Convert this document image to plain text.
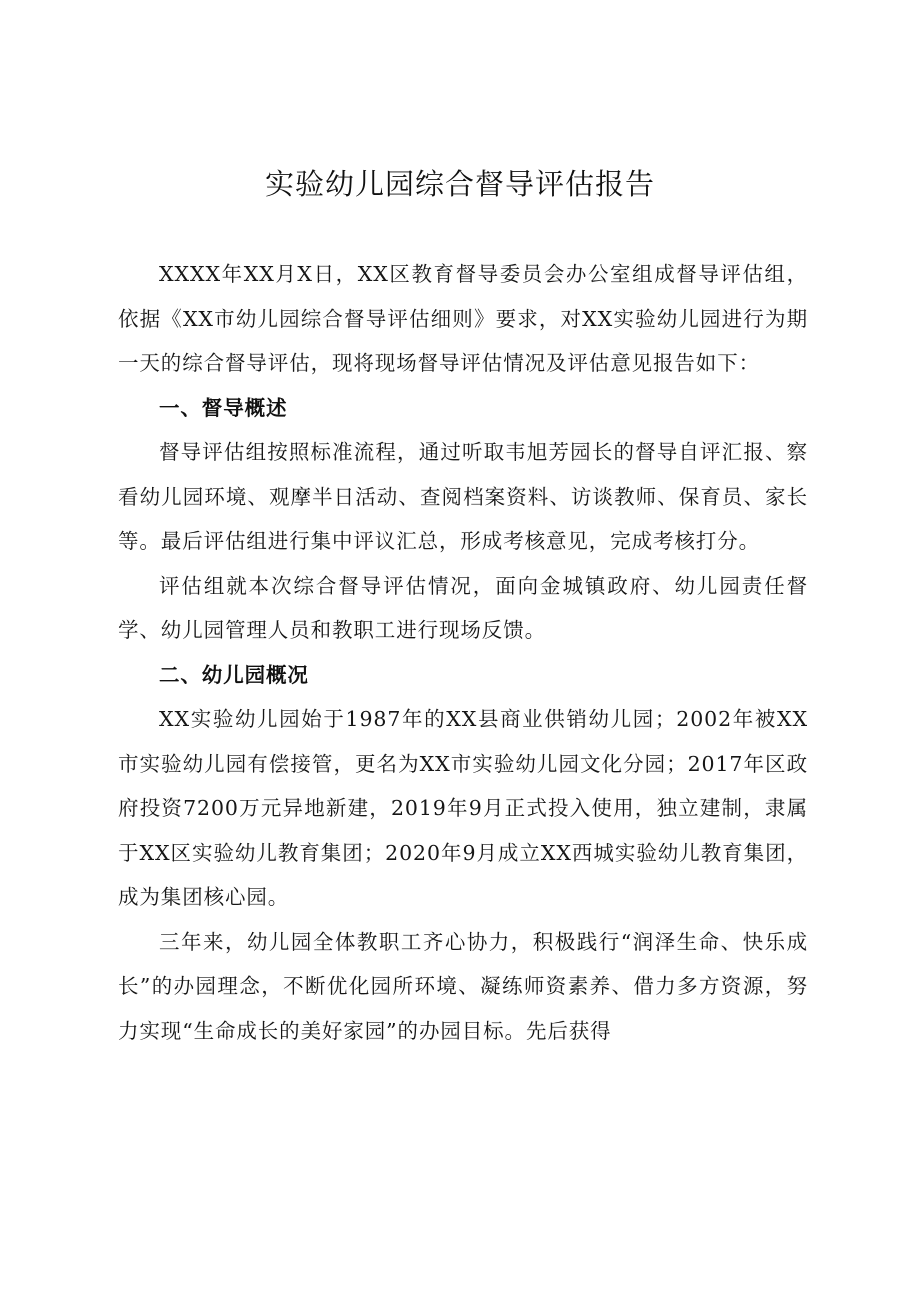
实验幼儿园综合督导评估报告

XXXX年XX月X日，XX区教育督导委员会办公室组成督导评估组，依据《XX市幼儿园综合督导评估细则》要求，对XX实验幼儿园进行为期一天的综合督导评估，现将现场督导评估情况及评估意见报告如下：

一、督导概述

督导评估组按照标准流程，通过听取韦旭芳园长的督导自评汇报、察看幼儿园环境、观摩半日活动、查阅档案资料、访谈教师、保育员、家长等。最后评估组进行集中评议汇总，形成考核意见，完成考核打分。

评估组就本次综合督导评估情况，面向金城镇政府、幼儿园责任督学、幼儿园管理人员和教职工进行现场反馈。

二、幼儿园概况

XX实验幼儿园始于1987年的XX县商业供销幼儿园；2002年被XX市实验幼儿园有偿接管，更名为XX市实验幼儿园文化分园；2017年区政府投资7200万元异地新建，2019年9月正式投入使用，独立建制，隶属于XX区实验幼儿教育集团；2020年9月成立XX西城实验幼儿教育集团，成为集团核心园。

三年来，幼儿园全体教职工齐心协力，积极践行“润泽生命、快乐成长”的办园理念，不断优化园所环境、凝练师资素养、借力多方资源，努力实现“生命成长的美好家园”的办园目标。先后获得
